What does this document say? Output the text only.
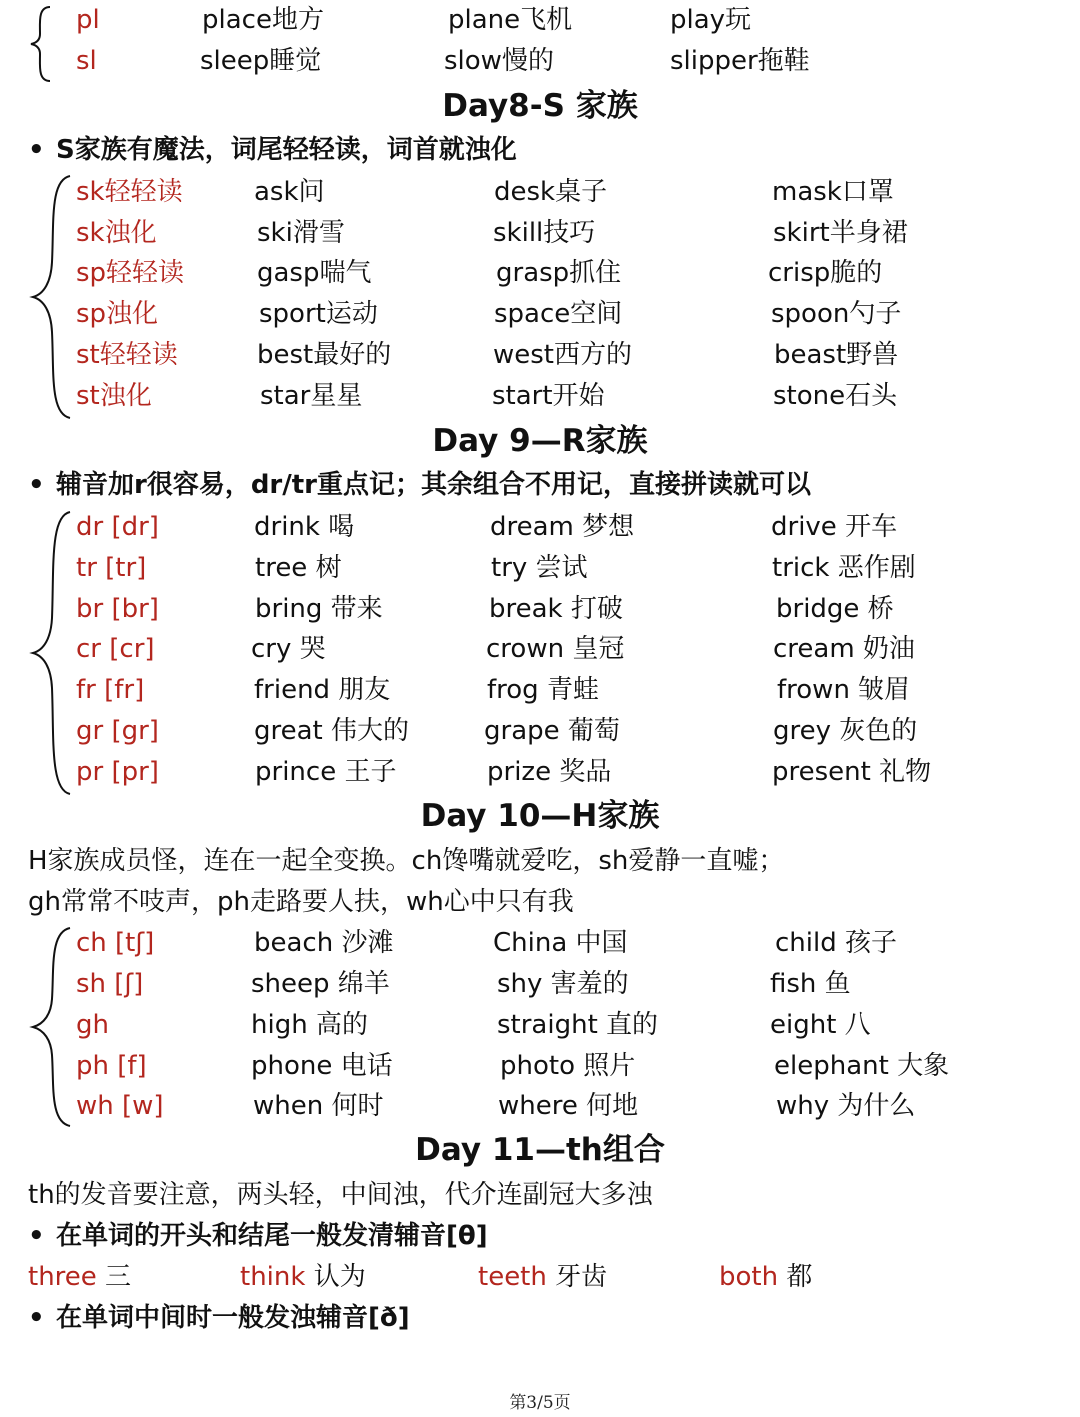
pl	place地方	plane飞机	play玩
sl	sleep睡觉	slow慢的	slipper拖鞋
Day8-S 家族
• S家族有魔法，词尾轻轻读，词首就浊化
sk轻轻读	ask问	desk桌子	mask口罩
sk浊化	ski滑雪	skill技巧	skirt半身裙
sp轻轻读	gasp喘气	grasp抓住	crisp脆的
sp浊化	sport运动	space空间	spoon勺子
st轻轻读	best最好的	west西方的	beast野兽
st浊化	star星星	start开始	stone石头
Day 9—R家族
• 辅音加r很容易，dr/tr重点记；其余组合不用记，直接拼读就可以
dr [dr]	drink 喝	dream 梦想	drive 开车
tr [tr]	tree 树	try 尝试	trick 恶作剧
br [br]	bring 带来	break 打破	bridge 桥
cr [cr]	cry 哭	crown 皇冠	cream 奶油
fr [fr]	friend 朋友	frog 青蛙	frown 皱眉
gr [gr]	great 伟大的	grape 葡萄	grey 灰色的
pr [pr]	prince 王子	prize 奖品	present 礼物
Day 10—H家族
H家族成员怪，连在一起全变换。ch馋嘴就爱吃，sh爱静一直嘘；
gh常常不吱声，ph走路要人扶，wh心中只有我
ch [tʃ]	beach 沙滩	China 中国	child 孩子
sh [ʃ]	sheep 绵羊	shy 害羞的	fish 鱼
gh	high 高的	straight 直的	eight 八
ph [f]	phone 电话	photo 照片	elephant 大象
wh [w]	when 何时	where 何地	why 为什么
Day 11—th组合
th的发音要注意，两头轻，中间浊，代介连副冠大多浊
• 在单词的开头和结尾一般发清辅音[θ]
three 三	think 认为	teeth 牙齿	both 都
• 在单词中间时一般发浊辅音[ð]
第3/5页
